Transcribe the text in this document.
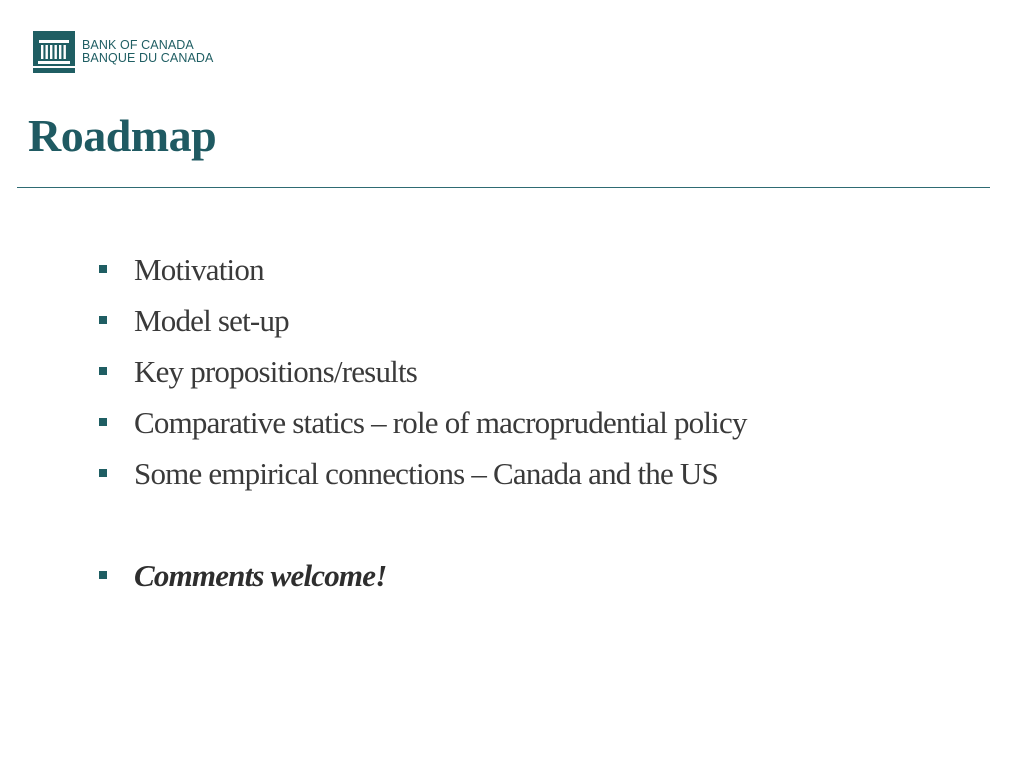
BANK OF CANADA
BANQUE DU CANADA
Roadmap
Motivation
Model set-up
Key propositions/results
Comparative statics – role of macroprudential policy
Some empirical connections – Canada and the US
Comments welcome!
